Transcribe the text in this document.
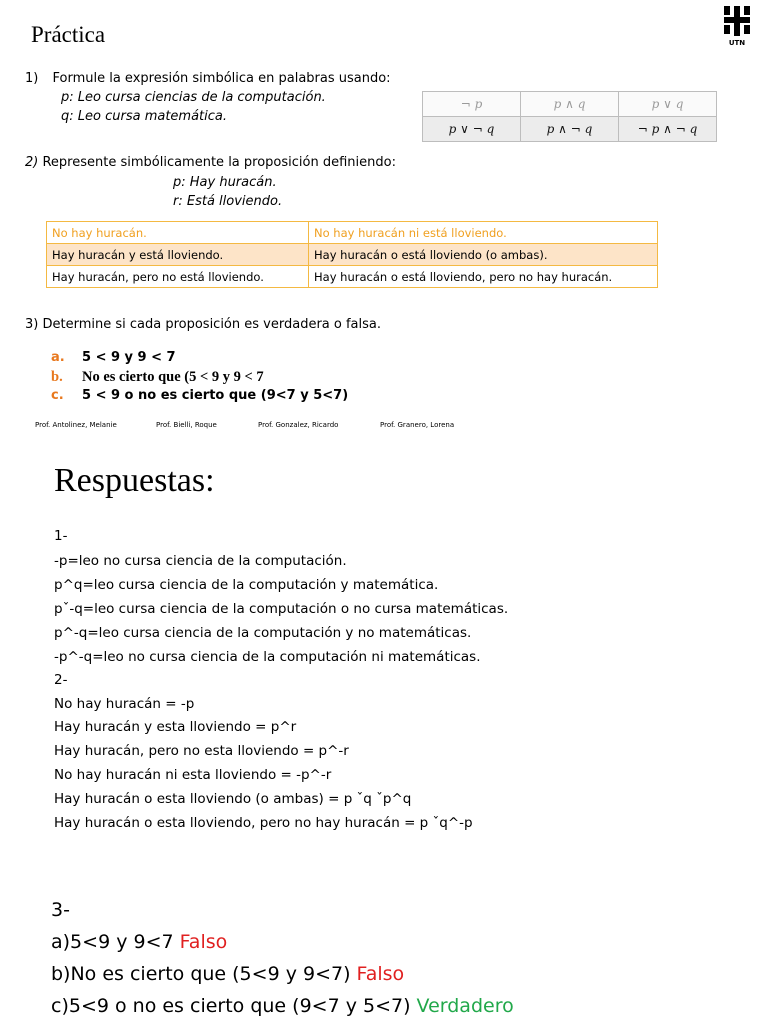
Práctica	UTN
1) Formule la expresión simbólica en palabras usando:
p: Leo cursa ciencias de la computación.
q: Leo cursa matemática.
¬ p	p ∧ q	p ∨ q
p ∨ ¬ q	p ∧ ¬ q	¬ p ∧ ¬ q
2) Represente simbólicamente la proposición definiendo:
p: Hay huracán.
r: Está lloviendo.
No hay huracán.	No hay huracán ni está lloviendo.
Hay huracán y está lloviendo.	Hay huracán o está lloviendo (o ambas).
Hay huracán, pero no está lloviendo.	Hay huracán o está lloviendo, pero no hay huracán.
3) Determine si cada proposición es verdadera o falsa.
a. 5 < 9 y 9 < 7
b. No es cierto que (5 < 9 y 9 < 7
c. 5 < 9 o no es cierto que (9<7 y 5<7)
Prof. Antolinez, Melanie	Prof. Bielli, Roque	Prof. Gonzalez, Ricardo	Prof. Granero, Lorena
Respuestas:
1-
-p=leo no cursa ciencia de la computación.
p^q=leo cursa ciencia de la computación y matemática.
pˇ-q=leo cursa ciencia de la computación o no cursa matemáticas.
p^-q=leo cursa ciencia de la computación y no matemáticas.
-p^-q=leo no cursa ciencia de la computación ni matemáticas.
2-
No hay huracán = -p
Hay huracán y esta lloviendo = p^r
Hay huracán, pero no esta lloviendo = p^-r
No hay huracán ni esta lloviendo = -p^-r
Hay huracán o esta lloviendo (o ambas) = p ˇq ˇp^q
Hay huracán o esta lloviendo, pero no hay huracán = p ˇq^-p
3-
a)5<9 y 9<7 Falso
b)No es cierto que (5<9 y 9<7) Falso
c)5<9 o no es cierto que (9<7 y 5<7) Verdadero
